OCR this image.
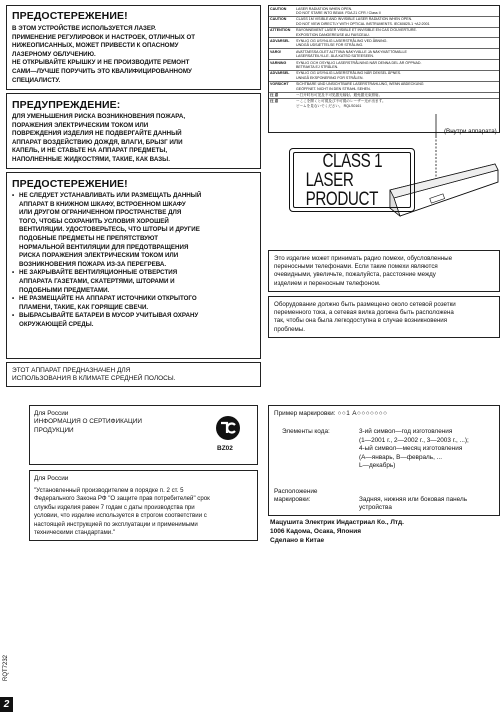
ПРЕДОСТЕРЕЖЕНИЕ!
В ЭТОМ УСТРОЙСТВЕ ИСПОЛЬЗУЕТСЯ ЛАЗЕР.
ПРИМЕНЕНИЕ РЕГУЛИРОВОК И НАСТРОЕК, ОТЛИЧНЫХ ОТ
НИЖЕОПИСАННЫХ, МОЖЕТ ПРИВЕСТИ К ОПАСНОМУ
ЛАЗЕРНОМУ ОБЛУЧЕНИЮ.
НЕ ОТКРЫВАЙТЕ КРЫШКУ И НЕ ПРОИЗВОДИТЕ РЕМОНТ
САМИ—ЛУЧШЕ ПОРУЧИТЬ ЭТО КВАЛИФИЦИРОВАННОМУ
СПЕЦИАЛИСТУ.
ПРЕДУПРЕЖДЕНИЕ:
ДЛЯ УМЕНЬШЕНИЯ РИСКА ВОЗНИКНОВЕНИЯ ПОЖАРА,
ПОРАЖЕНИЯ ЭЛЕКТРИЧЕСКИМ ТОКОМ ИЛИ
ПОВРЕЖДЕНИЯ ИЗДЕЛИЯ НЕ ПОДВЕРГАЙТЕ ДАННЫЙ
АППАРАТ ВОЗДЕЙСТВИЮ ДОЖДЯ, ВЛАГИ, БРЫЗГ ИЛИ
КАПЕЛЬ, И НЕ СТАВЬТЕ НА АППАРАТ ПРЕДМЕТЫ,
НАПОЛНЕННЫЕ ЖИДКОСТЯМИ, ТАКИЕ, КАК ВАЗЫ.
ПРЕДОСТЕРЕЖЕНИЕ!
• НЕ СЛЕДУЕТ УСТАНАВЛИВАТЬ ИЛИ РАЗМЕЩАТЬ ДАННЫЙ
АППАРАТ В КНИЖНОМ ШКАФУ, ВСТРОЕННОМ ШКАФУ
ИЛИ ДРУГОМ ОГРАНИЧЕННОМ ПРОСТРАНСТВЕ ДЛЯ
ТОГО, ЧТОБЫ СОХРАНИТЬ УСЛОВИЯ ХОРОШЕЙ
ВЕНТИЛЯЦИИ. УДОСТОВЕРЬТЕСЬ, ЧТО ШТОРЫ И ДРУГИЕ
ПОДОБНЫЕ ПРЕДМЕТЫ НЕ ПРЕПЯТСТВУЮТ
НОРМАЛЬНОЙ ВЕНТИЛЯЦИИ ДЛЯ ПРЕДОТВРАЩЕНИЯ
РИСКА ПОРАЖЕНИЯ ЭЛЕКТРИЧЕСКИМ ТОКОМ ИЛИ
ВОЗНИКНОВЕНИЯ ПОЖАРА ИЗ-ЗА ПЕРЕГРЕВА.
• НЕ ЗАКРЫВАЙТЕ ВЕНТИЛЯЦИОННЫЕ ОТВЕРСТИЯ
АППАРАТА ГАЗЕТАМИ, СКАТЕРТЯМИ, ШТОРАМИ И
ПОДОБНЫМИ ПРЕДМЕТАМИ.
• НЕ РАЗМЕЩАЙТЕ НА АППАРАТ ИСТОЧНИКИ ОТКРЫТОГО
ПЛАМЕНИ, ТАКИЕ, КАК ГОРЯЩИЕ СВЕЧИ.
• ВЫБРАСЫВАЙТЕ БАТАРЕИ В МУСОР УЧИТЫВАЯ ОХРАНУ
ОКРУЖАЮЩЕЙ СРЕДЫ.
ЭТОТ АППАРАТ ПРЕДНАЗНАЧЕН ДЛЯ
ИСПОЛЬЗОВАНИЯ В КЛИМАТЕ СРЕДНЕЙ ПОЛОСЫ.
CAUTION	LASER RADIATION WHEN OPEN.
DO NOT STARE INTO BEAM. FDA 21 CFR / Class II
CAUTION	CLASS 1M VISIBLE AND INVISIBLE LASER RADIATION WHEN OPEN.
DO NOT VIEW DIRECTLY WITH OPTICAL INSTRUMENTS. IEC60825-1 +A2:2001
ATTENTION	RAYONNEMENT LASER VISIBLE ET INVISIBLE EN CAS D'OUVERTURE.
EXPOSITION DANGEREUSE AU FAISCEAU.
ADVARSEL	SYNLIG OG USYNLIG LASERSTRÅLING VED ÅBNING.
UNDGÅ UDSÆTTELSE FOR STRÅLING.
VARO!	AVATTAESSA OLET ALTTIINA NÄKYVÄLLE JA NÄKYMÄTTÖMÄLLE
LASERSÄTEILYLLE. ÄLÄ KATSO SÄTEESEEN.
VARNING	SYNLIG OCH OSYNLIG LASERSTRÅLNING NÄR DENNA DEL ÄR ÖPPNAD.
BETRAKTA EJ STRÅLEN.
ADVARSEL	SYNLIG OG USYNLIG LASERSTRÅLING NÅR DEKSEL ÅPNES.
UNNGÅ EKSPONERING FOR STRÅLEN.
VORSICHT	SICHTBARE UND UNSICHTBARE LASERSTRAHLUNG, WENN ABDECKUNG
GEÖFFNET. NICHT IN DEN STRAHL SEHEN.
注 意	ー打开时有可见及不可见激光辐射。避免激光束照射。
注 意	ーここを開くと可視及び不可視のレーザー光が出ます。
ビームを見ないでください。 RQLS0161
(Внутри аппарата)
CLASS 1
LASER PRODUCT
Это изделие может принимать радио помехи, обусловленные
переносными телефонами. Если такие помехи являются
очевидными, увеличьте, пожалуйста, расстояние между
изделием и переносным телефоном.
Оборудование должно быть размещено около сетевой розетки
переменного тока, а сетевая вилка должна быть расположена
так, чтобы она была легкодоступна в случае возникновения
проблемы.
Для России
ИНФОРМАЦИЯ О СЕРТИФИКАЦИИ
ПРОДУКЦИИ
BZ02
Для России
"Установленный производителем в порядке п. 2 ст. 5
Федерального Закона РФ "О защите прав потребителей" срок
службы изделия равен 7 годам с даты производства при
условии, что изделие используется в строгом соответствии с
настоящей инструкцией по эксплуатации и применимыми
техническими стандартами."
Пример маркировки: ○○1 A○○○○○○○
Элементы кода:	3-ий символ—год изготовления
(1—2001 г., 2—2002 г., 3—2003 г., ...);
4-ый символ—месяц изготовления
(A—январь, B—февраль, ...
L—декабрь)
Расположение
маркировки:	Задняя, нижняя или боковая панель
устройства
Мацушита Электрик Индастриал Ко., Лтд.
1006 Кадома, Осака, Япония
Сделано в Китае
RQT7232
2
